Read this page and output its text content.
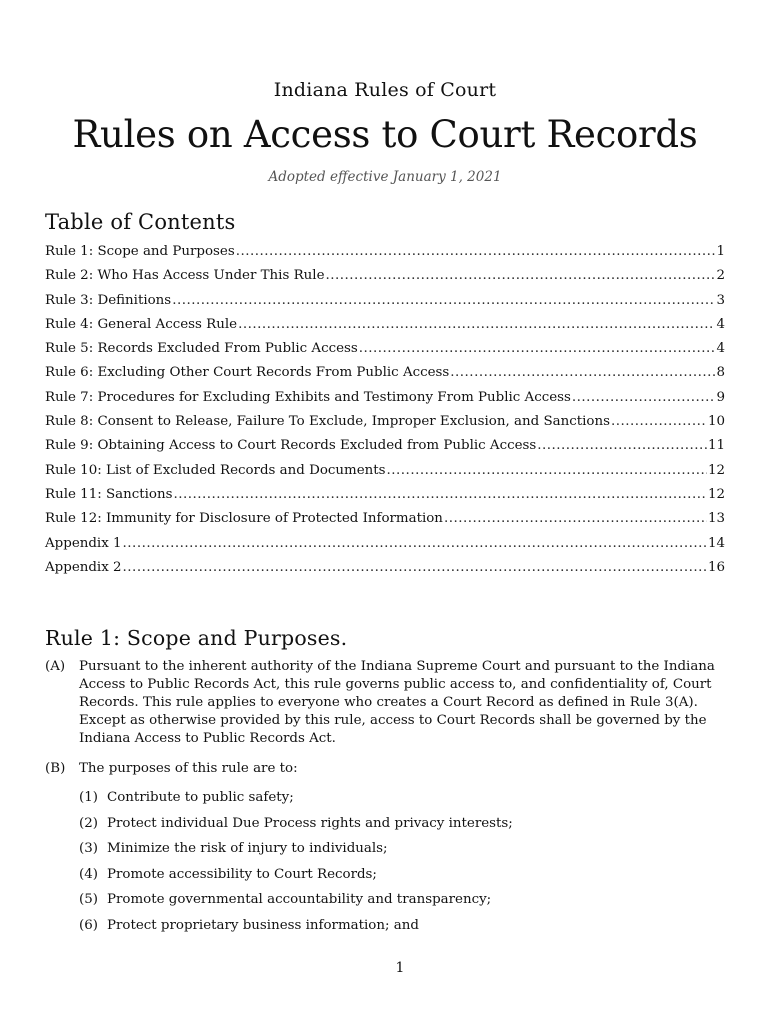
Indiana Rules of Court
Rules on Access to Court Records
Adopted effective January 1, 2021
Table of Contents
Rule 1: Scope and Purposes .....	1
Rule 2: Who Has Access Under This Rule .....	2
Rule 3: Definitions .....	3
Rule 4: General Access Rule .....	4
Rule 5: Records Excluded From Public Access .....	4
Rule 6: Excluding Other Court Records From Public Access .....	8
Rule 7: Procedures for Excluding Exhibits and Testimony From Public Access .....	9
Rule 8: Consent to Release, Failure To Exclude, Improper Exclusion, and Sanctions .....	10
Rule 9: Obtaining Access to Court Records Excluded from Public Access .....	11
Rule 10: List of Excluded Records and Documents .....	12
Rule 11: Sanctions .....	12
Rule 12: Immunity for Disclosure of Protected Information .....	13
Appendix 1 .....	14
Appendix 2 .....	16
Rule 1: Scope and Purposes.
(A)	Pursuant to the inherent authority of the Indiana Supreme Court and pursuant to the Indiana Access to Public Records Act, this rule governs public access to, and confidentiality of, Court Records. This rule applies to everyone who creates a Court Record as defined in Rule 3(A). Except as otherwise provided by this rule, access to Court Records shall be governed by the Indiana Access to Public Records Act.
(B)	The purposes of this rule are to:
(1) Contribute to public safety;
(2) Protect individual Due Process rights and privacy interests;
(3) Minimize the risk of injury to individuals;
(4) Promote accessibility to Court Records;
(5) Promote governmental accountability and transparency;
(6) Protect proprietary business information; and
1
